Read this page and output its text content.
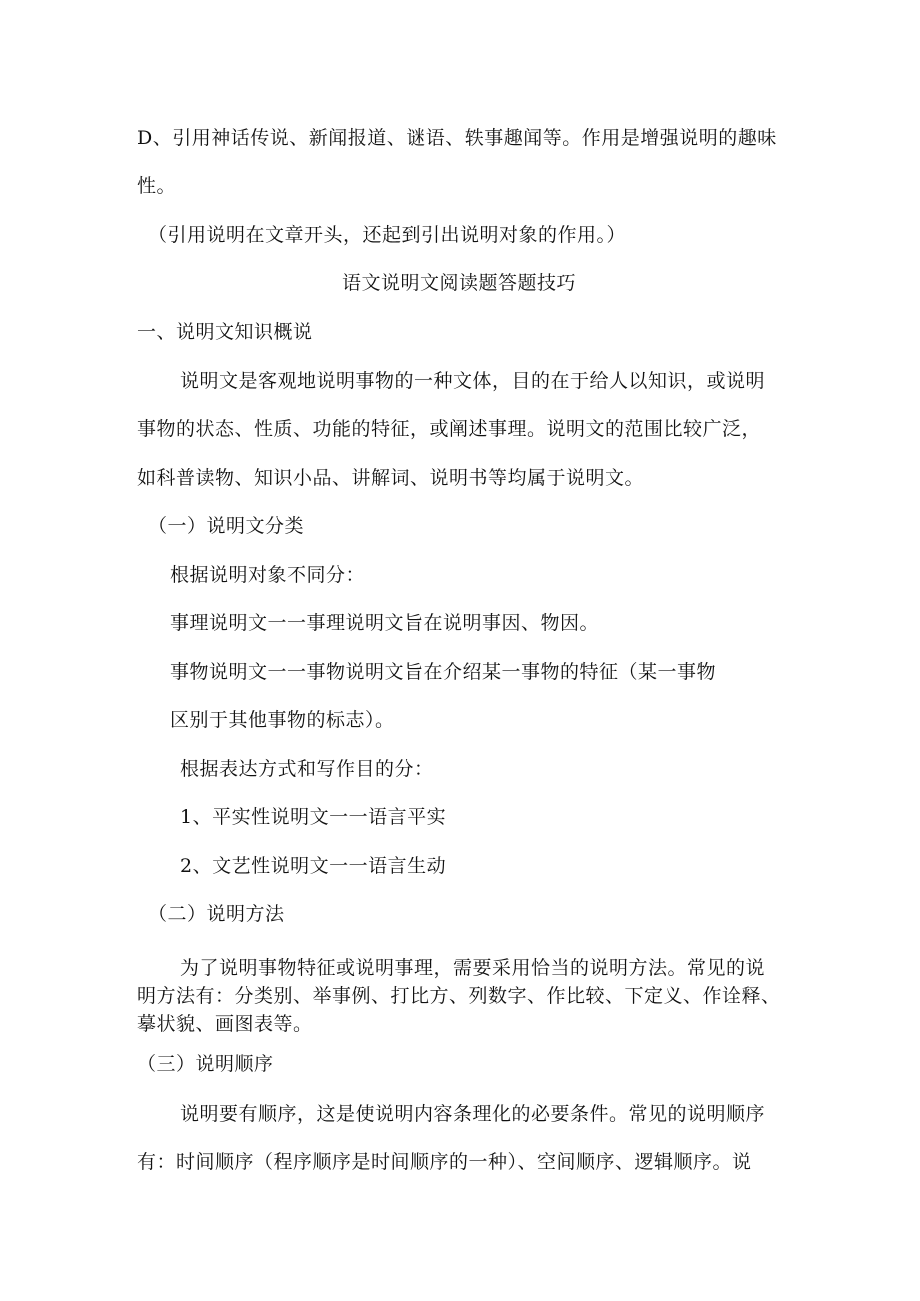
D、引用神话传说、新闻报道、谜语、轶事趣闻等。作用是增强说明的趣味
性。
（引用说明在文章开头，还起到引出说明对象的作用。）
语文说明文阅读题答题技巧
一、说明文知识概说
说明文是客观地说明事物的一种文体，目的在于给人以知识，或说明
事物的状态、性质、功能的特征，或阐述事理。说明文的范围比较广泛，
如科普读物、知识小品、讲解词、说明书等均属于说明文。
（一）说明文分类
根据说明对象不同分：
事理说明文一一事理说明文旨在说明事因、物因。
事物说明文一一事物说明文旨在介绍某一事物的特征（某一事物
区别于其他事物的标志）。
根据表达方式和写作目的分：
1、平实性说明文一一语言平实
2、文艺性说明文一一语言生动
（二）说明方法
为了说明事物特征或说明事理，需要采用恰当的说明方法。常见的说
明方法有：分类别、举事例、打比方、列数字、作比较、下定义、作诠释、
摹状貌、画图表等。
（三）说明顺序
说明要有顺序，这是使说明内容条理化的必要条件。常见的说明顺序
有：时间顺序（程序顺序是时间顺序的一种）、空间顺序、逻辑顺序。说
